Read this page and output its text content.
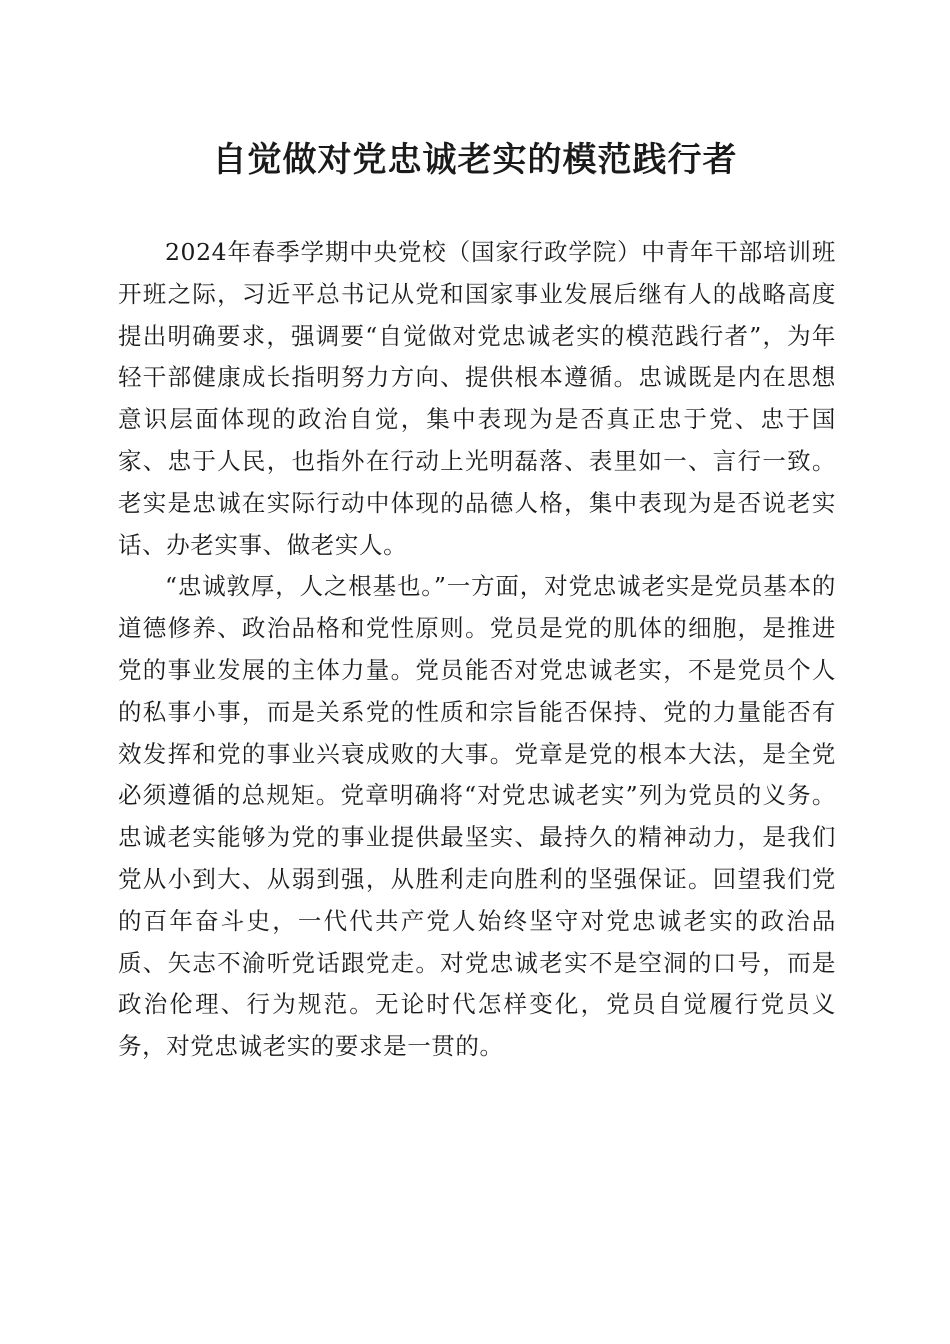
自觉做对党忠诚老实的模范践行者

2024年春季学期中央党校（国家行政学院）中青年干部培训班开班之际，习近平总书记从党和国家事业发展后继有人的战略高度提出明确要求，强调要“自觉做对党忠诚老实的模范践行者”，为年轻干部健康成长指明努力方向、提供根本遵循。忠诚既是内在思想意识层面体现的政治自觉，集中表现为是否真正忠于党、忠于国家、忠于人民，也指外在行动上光明磊落、表里如一、言行一致。老实是忠诚在实际行动中体现的品德人格，集中表现为是否说老实话、办老实事、做老实人。

“忠诚敦厚，人之根基也。”一方面，对党忠诚老实是党员基本的道德修养、政治品格和党性原则。党员是党的肌体的细胞，是推进党的事业发展的主体力量。党员能否对党忠诚老实，不是党员个人的私事小事，而是关系党的性质和宗旨能否保持、党的力量能否有效发挥和党的事业兴衰成败的大事。党章是党的根本大法，是全党必须遵循的总规矩。党章明确将“对党忠诚老实”列为党员的义务。忠诚老实能够为党的事业提供最坚实、最持久的精神动力，是我们党从小到大、从弱到强，从胜利走向胜利的坚强保证。回望我们党的百年奋斗史，一代代共产党人始终坚守对党忠诚老实的政治品质、矢志不渝听党话跟党走。对党忠诚老实不是空洞的口号，而是政治伦理、行为规范。无论时代怎样变化，党员自觉履行党员义务，对党忠诚老实的要求是一贯的。
